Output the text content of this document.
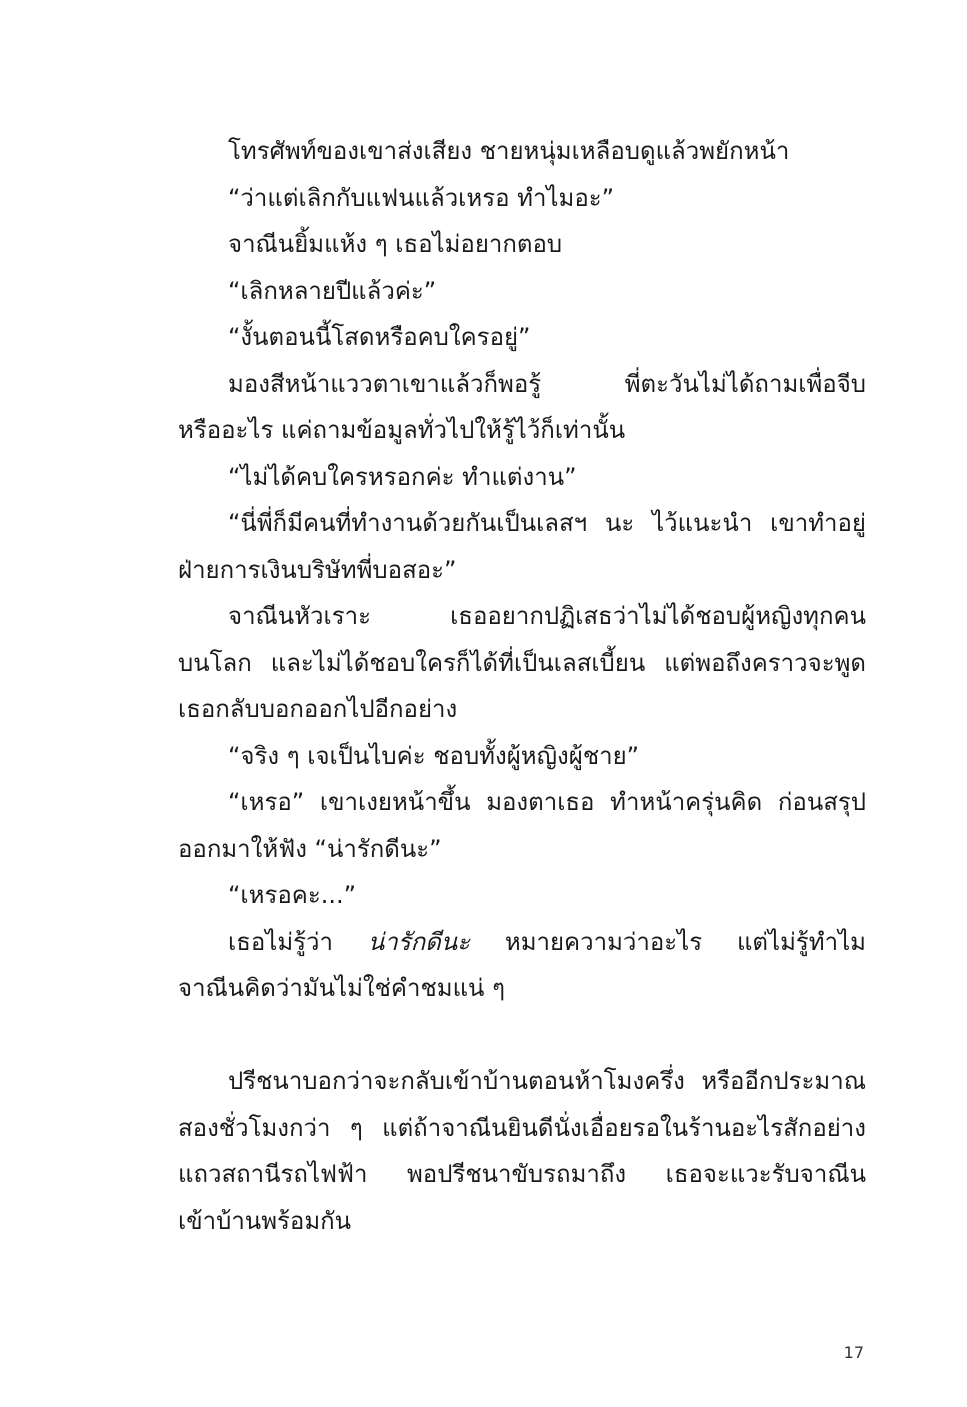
โทรศัพท์ของเขาส่งเสียง ชายหนุ่มเหลือบดูแล้วพยักหน้า
“ว่าแต่เลิกกับแฟนแล้วเหรอ ทำไมอะ”
จาณีนยิ้มแห้ง ๆ เธอไม่อยากตอบ
“เลิกหลายปีแล้วค่ะ”
“งั้นตอนนี้โสดหรือคบใครอยู่”
มองสีหน้าแววตาเขาแล้วก็พอรู้ พี่ตะวันไม่ได้ถามเพื่อจีบ
หรืออะไร แค่ถามข้อมูลทั่วไปให้รู้ไว้ก็เท่านั้น
“ไม่ได้คบใครหรอกค่ะ ทำแต่งาน”
“นี่พี่ก็มีคนที่ทำงานด้วยกันเป็นเลสฯ นะ ไว้แนะนำ เขาทำอยู่
ฝ่ายการเงินบริษัทพี่บอสอะ”
จาณีนหัวเราะ เธออยากปฏิเสธว่าไม่ได้ชอบผู้หญิงทุกคน
บนโลก และไม่ได้ชอบใครก็ได้ที่เป็นเลสเบี้ยน แต่พอถึงคราวจะพูด
เธอกลับบอกออกไปอีกอย่าง
“จริง ๆ เจเป็นไบค่ะ ชอบทั้งผู้หญิงผู้ชาย”
“เหรอ” เขาเงยหน้าขึ้น มองตาเธอ ทำหน้าครุ่นคิด ก่อนสรุป
ออกมาให้ฟัง “น่ารักดีนะ”
“เหรอคะ...”
เธอไม่รู้ว่า น่ารักดีนะ หมายความว่าอะไร แต่ไม่รู้ทำไม
จาณีนคิดว่ามันไม่ใช่คำชมแน่ ๆ
ปรีชนาบอกว่าจะกลับเข้าบ้านตอนห้าโมงครึ่ง หรืออีกประมาณ
สองชั่วโมงกว่า ๆ แต่ถ้าจาณีนยินดีนั่งเอื่อยรอในร้านอะไรสักอย่าง
แถวสถานีรถไฟฟ้า พอปรีชนาขับรถมาถึง เธอจะแวะรับจาณีน
เข้าบ้านพร้อมกัน
17
